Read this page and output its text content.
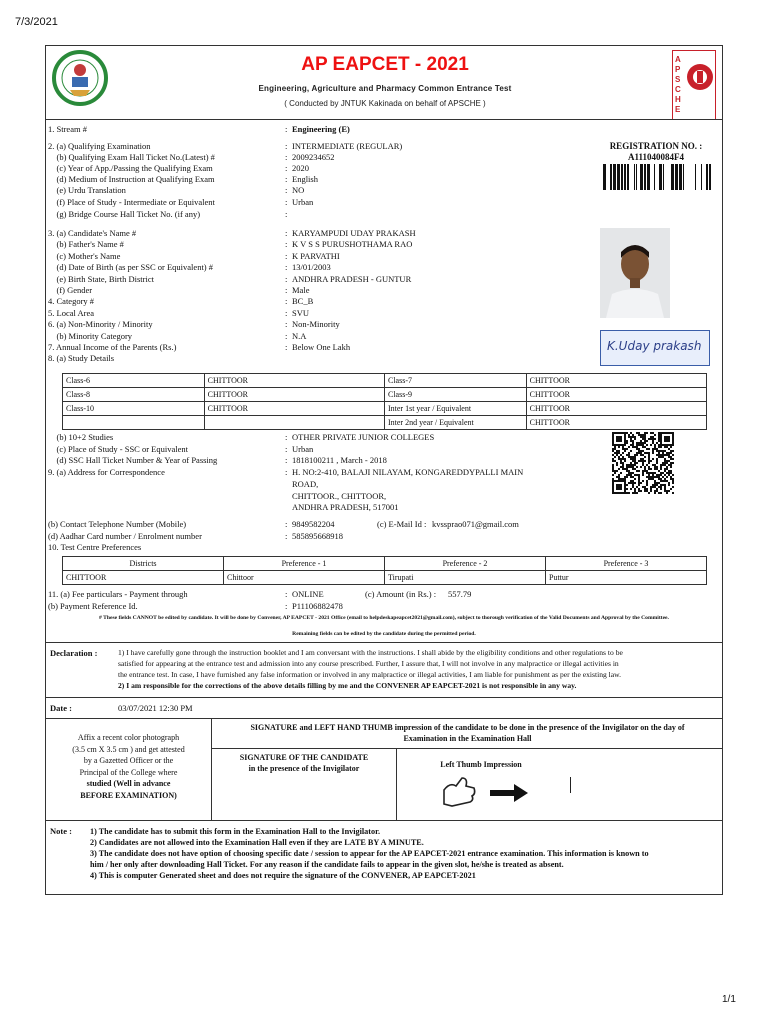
7/3/2021
1/1
APSCHE
AP EAPCET - 2021
Engineering, Agriculture and Pharmacy Common Entrance Test
( Conducted by JNTUK Kakinada on behalf of APSCHE )
REGISTRATION NO. :
A111040084F4
1. Stream #	: Engineering (E)
2. (a) Qualifying Examination	: INTERMEDIATE (REGULAR)
(b) Qualifying Exam Hall Ticket No.(Latest) #	: 2009234652
(c) Year of App./Passing the Qualifying Exam	: 2020
(d) Medium of Instruction at Qualifying Exam	: English
(e) Urdu Translation	: NO
(f) Place of Study - Intermediate or Equivalent	: Urban
(g) Bridge Course Hall Ticket No. (if any)	:
3. (a) Candidate's Name #	: KARYAMPUDI UDAY PRAKASH
(b) Father's Name #	: K V S S PURUSHOTHAMA RAO
(c) Mother's Name	: K PARVATHI
(d) Date of Birth (as per SSC or Equivalent) #	: 13/01/2003
(e) Birth State, Birth District	: ANDHRA PRADESH - GUNTUR
(f) Gender	: Male
4. Category #	: BC_B
5. Local Area	: SVU
6. (a) Non-Minority / Minority	: Non-Minority
(b) Minority Category	: N.A
7. Annual Income of the Parents (Rs.)	: Below One Lakh
8. (a) Study Details
K.Uday prakash
Class-6	CHITTOOR	Class-7	CHITTOOR
Class-8	CHITTOOR	Class-9	CHITTOOR
Class-10	CHITTOOR	Inter 1st year / Equivalent	CHITTOOR
		Inter 2nd year / Equivalent	CHITTOOR
(b) 10+2 Studies	: OTHER PRIVATE JUNIOR COLLEGES
(c) Place of Study - SSC or Equivalent	: Urban
(d) SSC Hall Ticket Number & Year of Passing	: 1818100211 , March - 2018
9. (a) Address for Correspondence	: H. NO:2-410, BALAJI NILAYAM, KONGAREDDYPALLI MAIN
ROAD,
CHITTOOR., CHITTOOR,
ANDHRA PRADESH, 517001
(b) Contact Telephone Number (Mobile)	: 9849582204	(c) E-Mail Id : kvssprao071@gmail.com
(d) Aadhar Card number / Enrolment number	: 585895668918
10. Test Centre Preferences
Districts	Preference - 1	Preference - 2	Preference - 3
CHITTOOR	Chittoor	Tirupati	Puttur
11. (a) Fee particulars - Payment through	: ONLINE	(c) Amount (in Rs.) : 557.79
(b) Payment Reference Id.	: P11106882478
# These fields CANNOT be edited by candidate. It will be done by Convener, AP EAPCET - 2021 Office (email to helpdeskapeapcet2021@gmail.com), subject to thorough verification of the Valid Documents and Approval by the Committee.
Remaining fields can be edited by the candidate during the permitted period.
Declaration :	1) I have carefully gone through the instruction booklet and I am conversant with the instructions. I shall abide by the eligibility conditions and other regulations to be
satisfied for appearing at the entrance test and admission into any course prescribed. Further, I assure that, I will not involve in any malpractice or illegal activities in
the entrance test. In case, I have furnished any false information or involved in any malpractice or illegal activities, I am liable for punishment as per the existing law.
2) I am responsible for the corrections of the above details filling by me and the CONVENER AP EAPCET-2021 is not responsible in any way.
Date :	03/07/2021 12:30 PM
Affix a recent color photograph
(3.5 cm X 3.5 cm ) and get attested
by a Gazetted Officer or the
Principal of the College where
studied (Well in advance
BEFORE EXAMINATION)
SIGNATURE and LEFT HAND THUMB impression of the candidate to be done in the presence of the Invigilator on the day of
Examination in the Examination Hall
SIGNATURE OF THE CANDIDATE
in the presence of the Invigilator	Left Thumb Impression
Note : 1) The candidate has to submit this form in the Examination Hall to the Invigilator.
2) Candidates are not allowed into the Examination Hall even if they are LATE BY A MINUTE.
3) The candidate does not have option of choosing specific date / session to appear for the AP EAPCET-2021 entrance examination. This information is known to
him / her only after downloading Hall Ticket. For any reason if the candidate fails to appear in the given slot, he/she is treated as absent.
4) This is computer Generated sheet and does not require the signature of the CONVENER, AP EAPCET-2021
